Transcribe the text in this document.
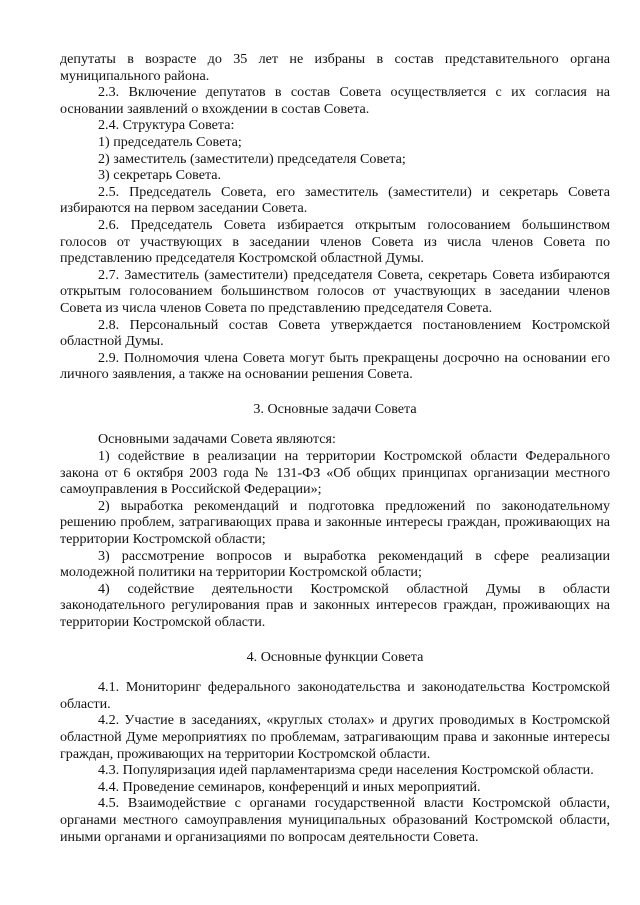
депутаты в возрасте до 35 лет не избраны в состав представительного органа муниципального района.

2.3. Включение депутатов в состав Совета осуществляется с их согласия на основании заявлений о вхождении в состав Совета.

2.4. Структура Совета:

1) председатель Совета;

2) заместитель (заместители) председателя Совета;

3) секретарь Совета.

2.5. Председатель Совета, его заместитель (заместители) и секретарь Совета избираются на первом заседании Совета.

2.6. Председатель Совета избирается открытым голосованием большинством голосов от участвующих в заседании членов Совета из числа членов Совета по представлению председателя Костромской областной Думы.

2.7. Заместитель (заместители) председателя Совета, секретарь Совета избираются открытым голосованием большинством голосов от участвующих в заседании членов Совета из числа членов Совета по представлению председателя Совета.

2.8. Персональный состав Совета утверждается постановлением Костромской областной Думы.

2.9. Полномочия члена Совета могут быть прекращены досрочно на основании его личного заявления, а также на основании решения Совета.

3. Основные задачи Совета

Основными задачами Совета являются:

1) содействие в реализации на территории Костромской области Федерального закона от 6 октября 2003 года № 131-ФЗ «Об общих принципах организации местного самоуправления в Российской Федерации»;

2) выработка рекомендаций и подготовка предложений по законодательному решению проблем, затрагивающих права и законные интересы граждан, проживающих на территории Костромской области;

3) рассмотрение вопросов и выработка рекомендаций в сфере реализации молодежной политики на территории Костромской области;

4) содействие деятельности Костромской областной Думы в области законодательного регулирования прав и законных интересов граждан, проживающих на территории Костромской области.

4. Основные функции Совета

4.1. Мониторинг федерального законодательства и законодательства Костромской области.

4.2. Участие в заседаниях, «круглых столах» и других проводимых в Костромской областной Думе мероприятиях по проблемам, затрагивающим права и законные интересы граждан, проживающих на территории Костромской области.

4.3. Популяризация идей парламентаризма среди населения Костромской области.

4.4. Проведение семинаров, конференций и иных мероприятий.

4.5. Взаимодействие с органами государственной власти Костромской области, органами местного самоуправления муниципальных образований Костромской области, иными органами и организациями по вопросам деятельности Совета.
